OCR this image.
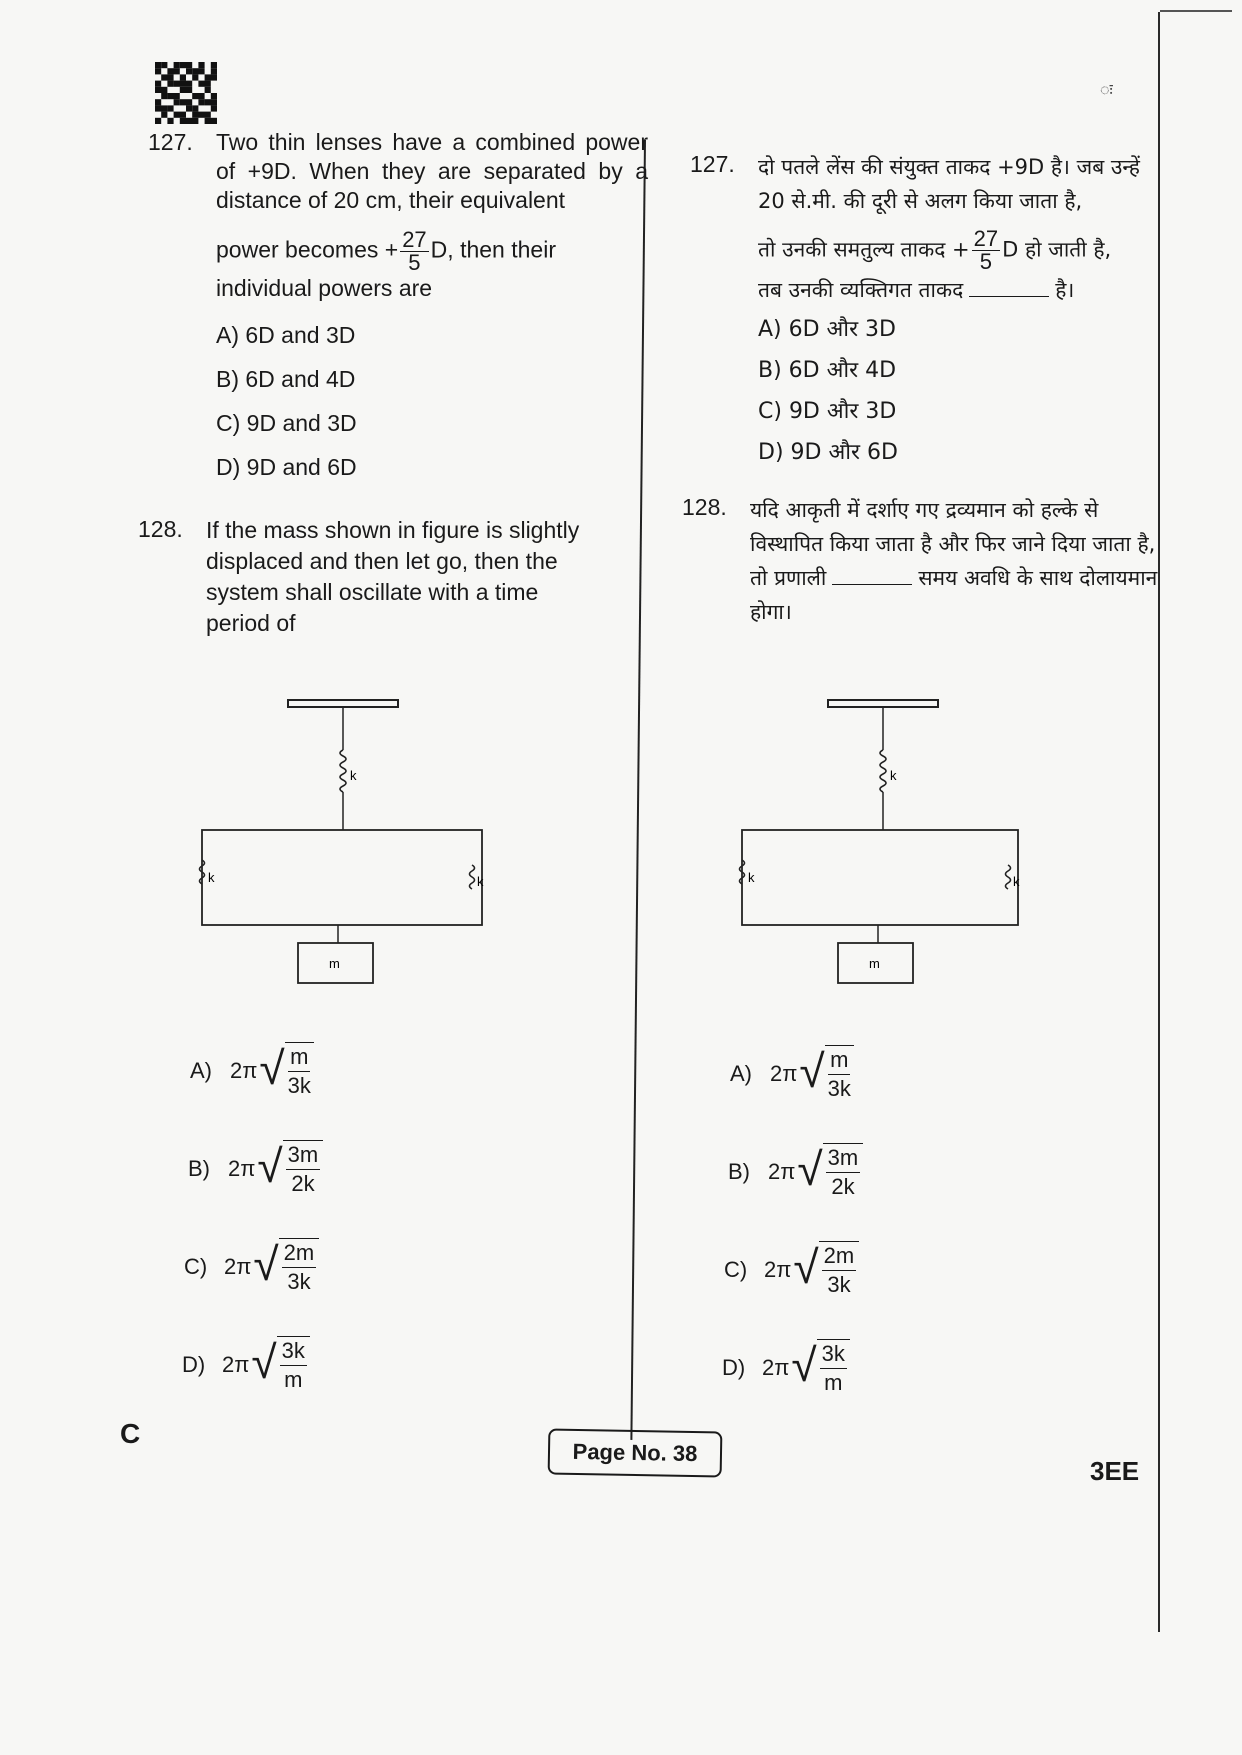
ः
127. Two thin lenses have a combined power of +9D. When they are separated by a distance of 20 cm, their equivalent
power becomes + $\frac{27}{5} D$, then their individual powers are
A) 6D and 3D
B) 6D and 4D
C) 9D and 3D
D) 9D and 6D
128. If the mass shown in figure is slightly displaced and then let go, then the system shall oscillate with a time period of
127. दो पतले लेंस की संयुक्त ताकद +9D है। जब उन्हें 20 से.मी. की दूरी से अलग किया जाता है,
तो उनकी समतुल्य ताकद + $\frac{27}{5}$ D हो जाती है,
तब उनकी व्यक्तिगत ताकद	है।
A) 6D और 3D
B) 6D और 4D
C) 9D और 3D
D) 9D और 6D
128. यदि आकृती में दर्शाए गए द्रव्यमान को हल्के से विस्थापित किया जाता है और फिर जाने दिया जाता है, तो प्रणाली	समय अवधि के साथ दोलायमान होगा।
k
k	k
m
k
k	k
m
A) 2π √ $\frac{m}{3k}$
B) 2π √ $\frac{3m}{2k}$
C) 2π √ $\frac{2m}{3k}$
D) 2π √ $\frac{3k}{m}$
A) 2π √ $\frac{m}{3k}$
B) 2π √ $\frac{3m}{2k}$
C) 2π √ $\frac{2m}{3k}$
D) 2π √ $\frac{3k}{m}$
C
Page No. 38
3EE
